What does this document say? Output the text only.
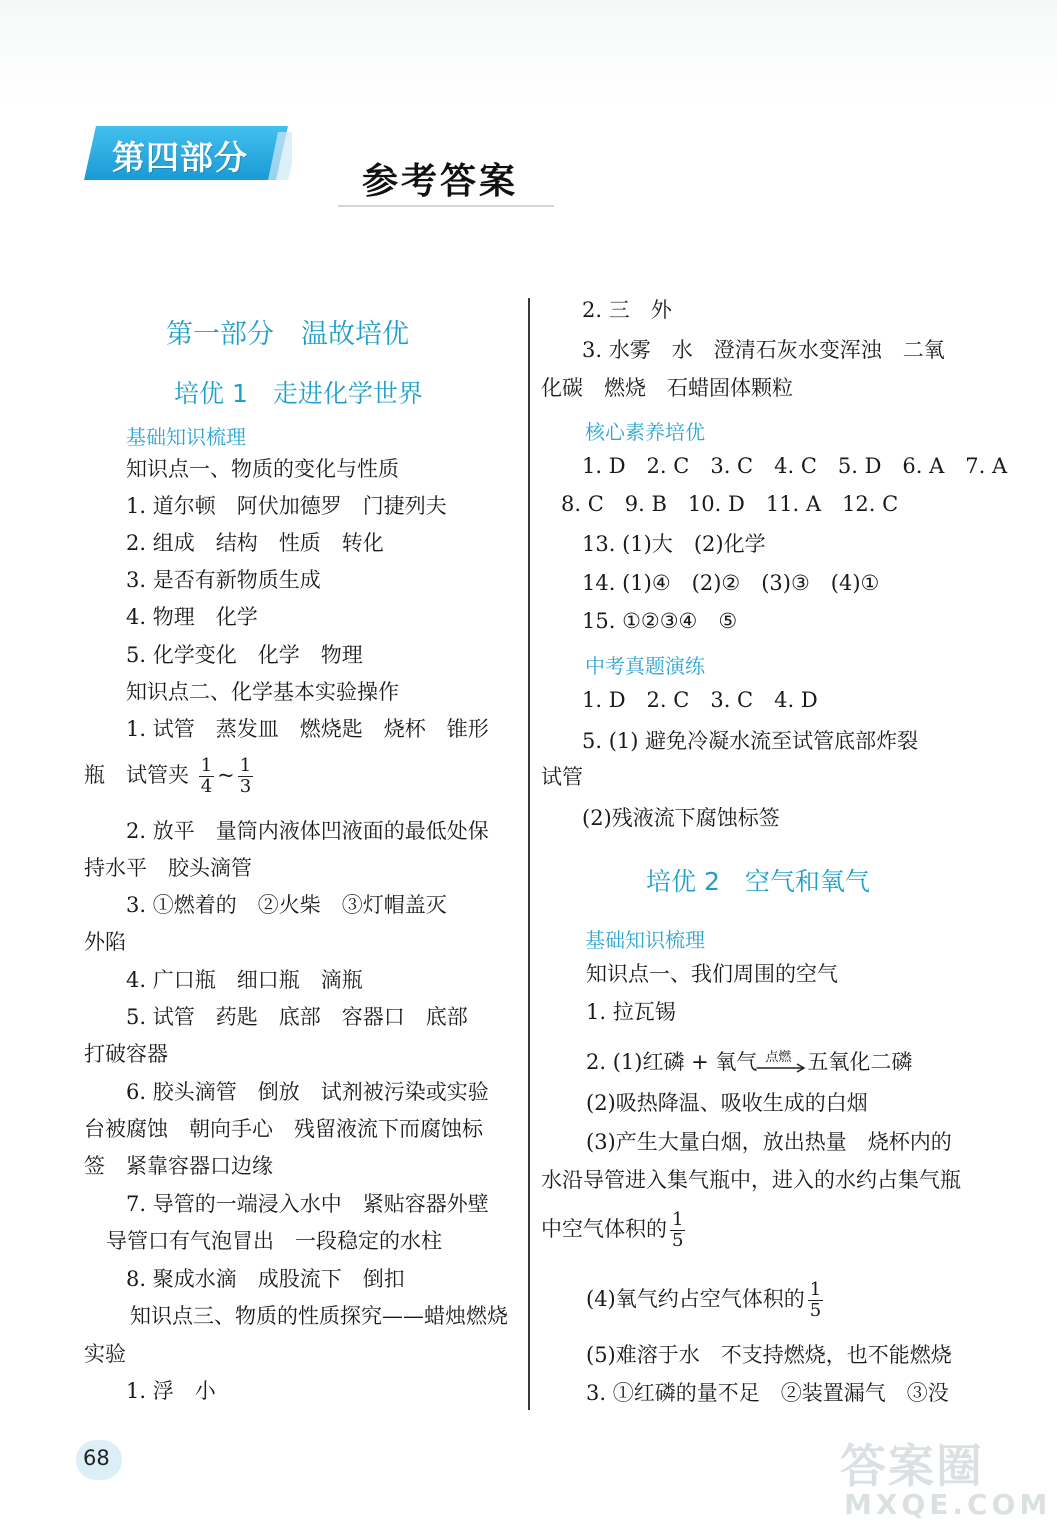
第四部分
参考答案
第一部分　温故培优
培优 1　走进化学世界
基础知识梳理
知识点一、物质的变化与性质
1. 道尔顿　阿伏加德罗　门捷列夫
2. 组成　结构　性质　转化
3. 是否有新物质生成
4. 物理　化学
5. 化学变化　化学　物理
知识点二、化学基本实验操作
1. 试管　蒸发皿　燃烧匙　烧杯　锥形
瓶　试管夹 $\frac{1}{4}$ ~ $\frac{1}{3}$
2. 放平　量筒内液体凹液面的最低处保
持水平　胶头滴管
3. ①燃着的　②火柴　③灯帽盖灭
外陷
4. 广口瓶　细口瓶　滴瓶
5. 试管　药匙　底部　容器口　底部
打破容器
6. 胶头滴管　倒放　试剂被污染或实验
台被腐蚀　朝向手心　残留液流下而腐蚀标
签　紧靠容器口边缘
7. 导管的一端浸入水中　紧贴容器外壁
导管口有气泡冒出　一段稳定的水柱
8. 聚成水滴　成股流下　倒扣
知识点三、物质的性质探究——蜡烛燃烧
实验
1. 浮　小
2. 三　外
3. 水雾　水　澄清石灰水变浑浊　二氧
化碳　燃烧　石蜡固体颗粒
核心素养培优
1. D　2. C　3. C　4. C　5. D　6. A　7. A
8. C　9. B　10. D　11. A　12. C
13. (1)大　(2)化学
14. (1)④　(2)②　(3)③　(4)①
15. ①②③④　⑤
中考真题演练
1. D　2. C　3. C　4. D
5. (1) 避免冷凝水流至试管底部炸裂
试管
(2)残液流下腐蚀标签
培优 2　空气和氧气
基础知识梳理
知识点一、我们周围的空气
1. 拉瓦锡
2. (1)红磷 + 氧气 点燃 五氧化二磷
(2)吸热降温、吸收生成的白烟
(3)产生大量白烟，放出热量　烧杯内的
水沿导管进入集气瓶中，进入的水约占集气瓶
中空气体积的 $\frac{1}{5}$
(4)氧气约占空气体积的 $\frac{1}{5}$
(5)难溶于水　不支持燃烧，也不能燃烧
3. ①红磷的量不足　②装置漏气　③没
68	答案圈
MXQE.COM
